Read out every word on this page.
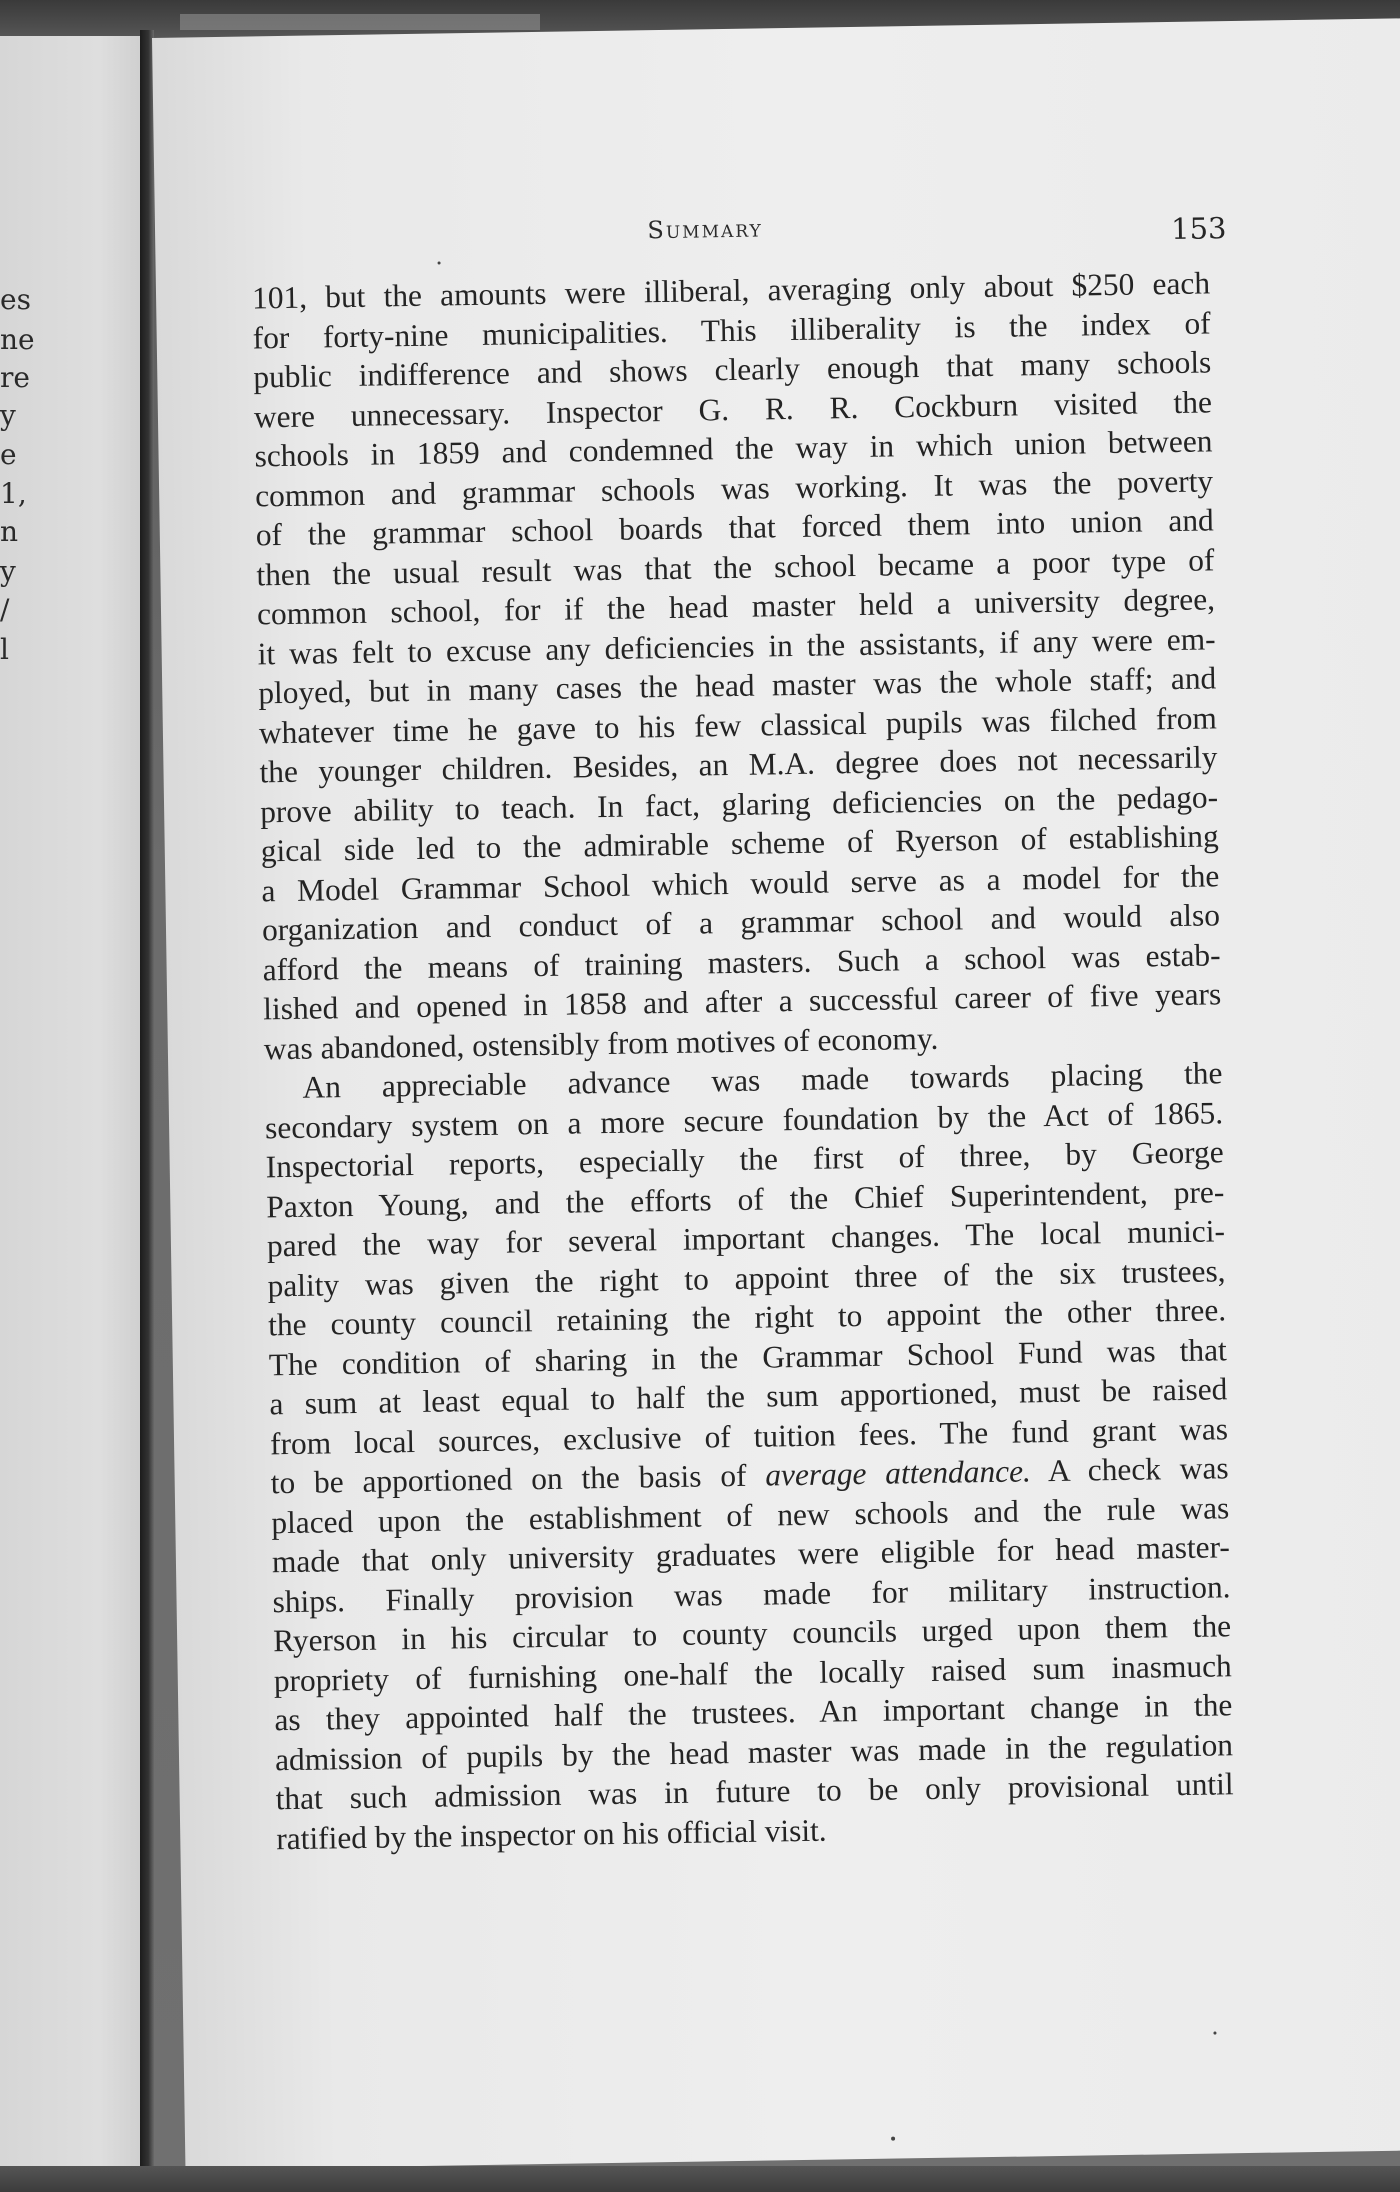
es
ne
re
y
e
1,
n
y
/
l
Summary	153
101, but the amounts were illiberal, averaging only about $250 each
for forty-nine municipalities. This illiberality is the index of
public indifference and shows clearly enough that many schools
were unnecessary. Inspector G. R. R. Cockburn visited the
schools in 1859 and condemned the way in which union between
common and grammar schools was working. It was the poverty
of the grammar school boards that forced them into union and
then the usual result was that the school became a poor type of
common school, for if the head master held a university degree,
it was felt to excuse any deficiencies in the assistants, if any were em-
ployed, but in many cases the head master was the whole staff; and
whatever time he gave to his few classical pupils was filched from
the younger children. Besides, an M.A. degree does not necessarily
prove ability to teach. In fact, glaring deficiencies on the pedago-
gical side led to the admirable scheme of Ryerson of establishing
a Model Grammar School which would serve as a model for the
organization and conduct of a grammar school and would also
afford the means of training masters. Such a school was estab-
lished and opened in 1858 and after a successful career of five years
was abandoned, ostensibly from motives of economy.
An appreciable advance was made towards placing the
secondary system on a more secure foundation by the Act of 1865.
Inspectorial reports, especially the first of three, by George
Paxton Young, and the efforts of the Chief Superintendent, pre-
pared the way for several important changes. The local munici-
pality was given the right to appoint three of the six trustees,
the county council retaining the right to appoint the other three.
The condition of sharing in the Grammar School Fund was that
a sum at least equal to half the sum apportioned, must be raised
from local sources, exclusive of tuition fees. The fund grant was
to be apportioned on the basis of average attendance. A check was
placed upon the establishment of new schools and the rule was
made that only university graduates were eligible for head master-
ships. Finally provision was made for military instruction.
Ryerson in his circular to county councils urged upon them the
propriety of furnishing one-half the locally raised sum inasmuch
as they appointed half the trustees. An important change in the
admission of pupils by the head master was made in the regulation
that such admission was in future to be only provisional until
ratified by the inspector on his official visit.
